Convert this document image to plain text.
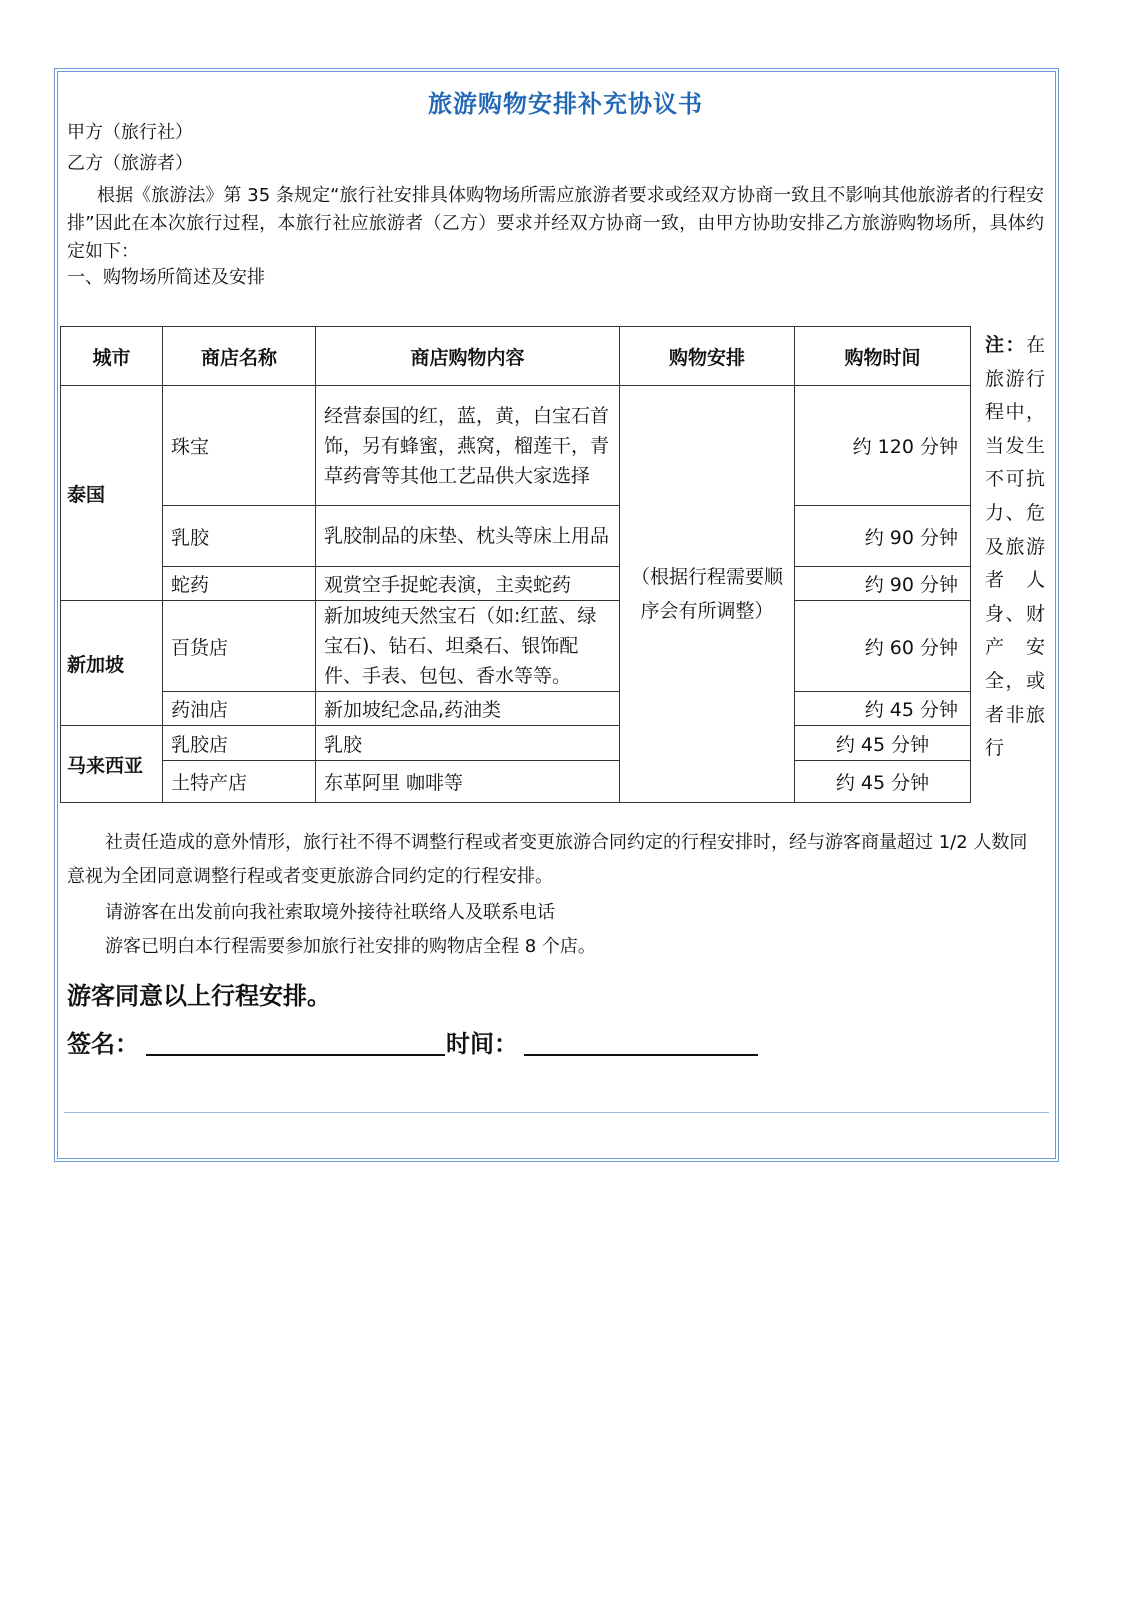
旅游购物安排补充协议书
甲方（旅行社）
乙方（旅游者）
根据《旅游法》第 35 条规定“旅行社安排具体购物场所需应旅游者要求或经双方协商一致且不影响其他旅游者的行程安排”因此在本次旅行过程，本旅行社应旅游者（乙方）要求并经双方协商一致，由甲方协助安排乙方旅游购物场所，具体约定如下：
一、购物场所简述及安排
城市	商店名称	商店购物内容	购物安排	购物时间
泰国	珠宝	经营泰国的红，蓝，黄，白宝石首饰，另有蜂蜜，燕窝，榴莲干，青草药膏等其他工艺品供大家选择	（根据行程需要顺序会有所调整）	约 120 分钟
	乳胶	乳胶制品的床垫、枕头等床上用品		约 90 分钟
	蛇药	观赏空手捉蛇表演，主卖蛇药		约 90 分钟
新加坡	百货店	新加坡纯天然宝石（如:红蓝、绿宝石)、钻石、坦桑石、银饰配件、手表、包包、香水等等。		约 60 分钟
	药油店	新加坡纪念品,药油类		约 45 分钟
马来西亚	乳胶店	乳胶		约 45 分钟
	土特产店	东革阿里 咖啡等		约 45 分钟
注：在旅游行程中，当发生不可抗力、危及旅游者人身、财产安全，或者非旅行
社责任造成的意外情形，旅行社不得不调整行程或者变更旅游合同约定的行程安排时，经与游客商量超过 1/2 人数同意视为全团同意调整行程或者变更旅游合同约定的行程安排。
请游客在出发前向我社索取境外接待社联络人及联系电话
游客已明白本行程需要参加旅行社安排的购物店全程 8 个店。
游客同意以上行程安排。
签名：	时间：
